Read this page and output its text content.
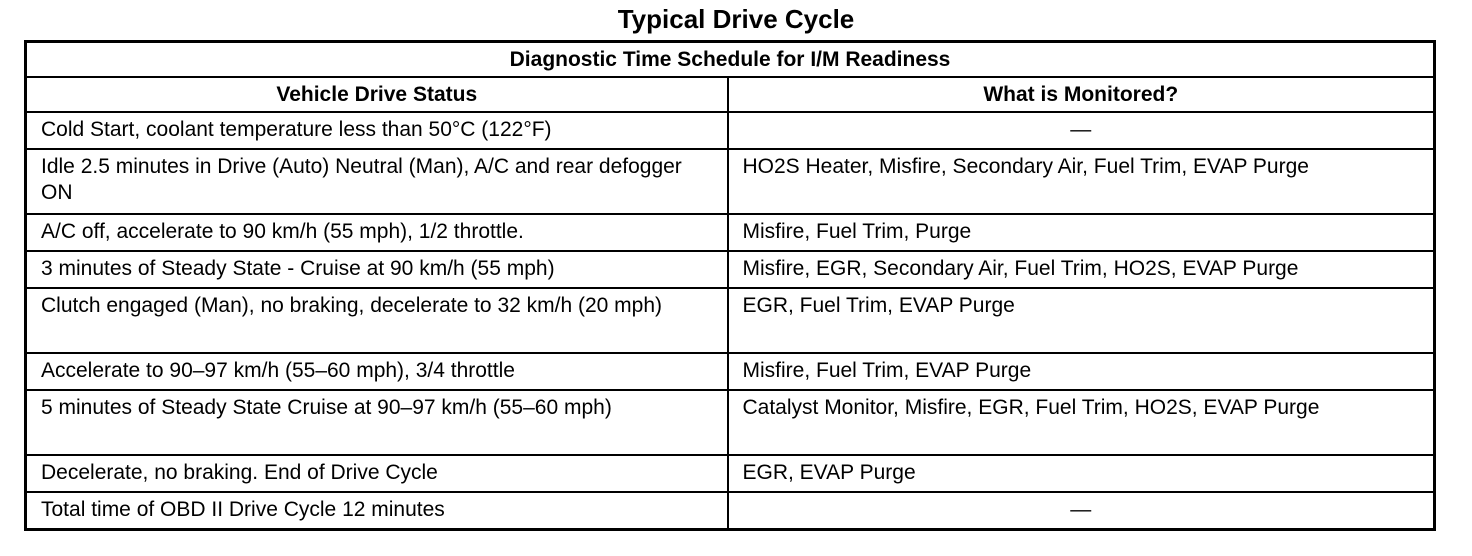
Typical Drive Cycle
Diagnostic Time Schedule for I/M Readiness	
Vehicle Drive Status	What is Monitored?
Cold Start, coolant temperature less than 50°C (122°F)	—
Idle 2.5 minutes in Drive (Auto) Neutral (Man), A/C and rear defogger ON	HO2S Heater, Misfire, Secondary Air, Fuel Trim, EVAP Purge
A/C off, accelerate to 90 km/h (55 mph), 1/2 throttle.	Misfire, Fuel Trim, Purge
3 minutes of Steady State - Cruise at 90 km/h (55 mph)	Misfire, EGR, Secondary Air, Fuel Trim, HO2S, EVAP Purge
Clutch engaged (Man), no braking, decelerate to 32 km/h (20 mph)	EGR, Fuel Trim, EVAP Purge
Accelerate to 90–97 km/h (55–60 mph), 3/4 throttle	Misfire, Fuel Trim, EVAP Purge
5 minutes of Steady State Cruise at 90–97 km/h (55–60 mph)	Catalyst Monitor, Misfire, EGR, Fuel Trim, HO2S, EVAP Purge
Decelerate, no braking. End of Drive Cycle	EGR, EVAP Purge
Total time of OBD II Drive Cycle 12 minutes	—
